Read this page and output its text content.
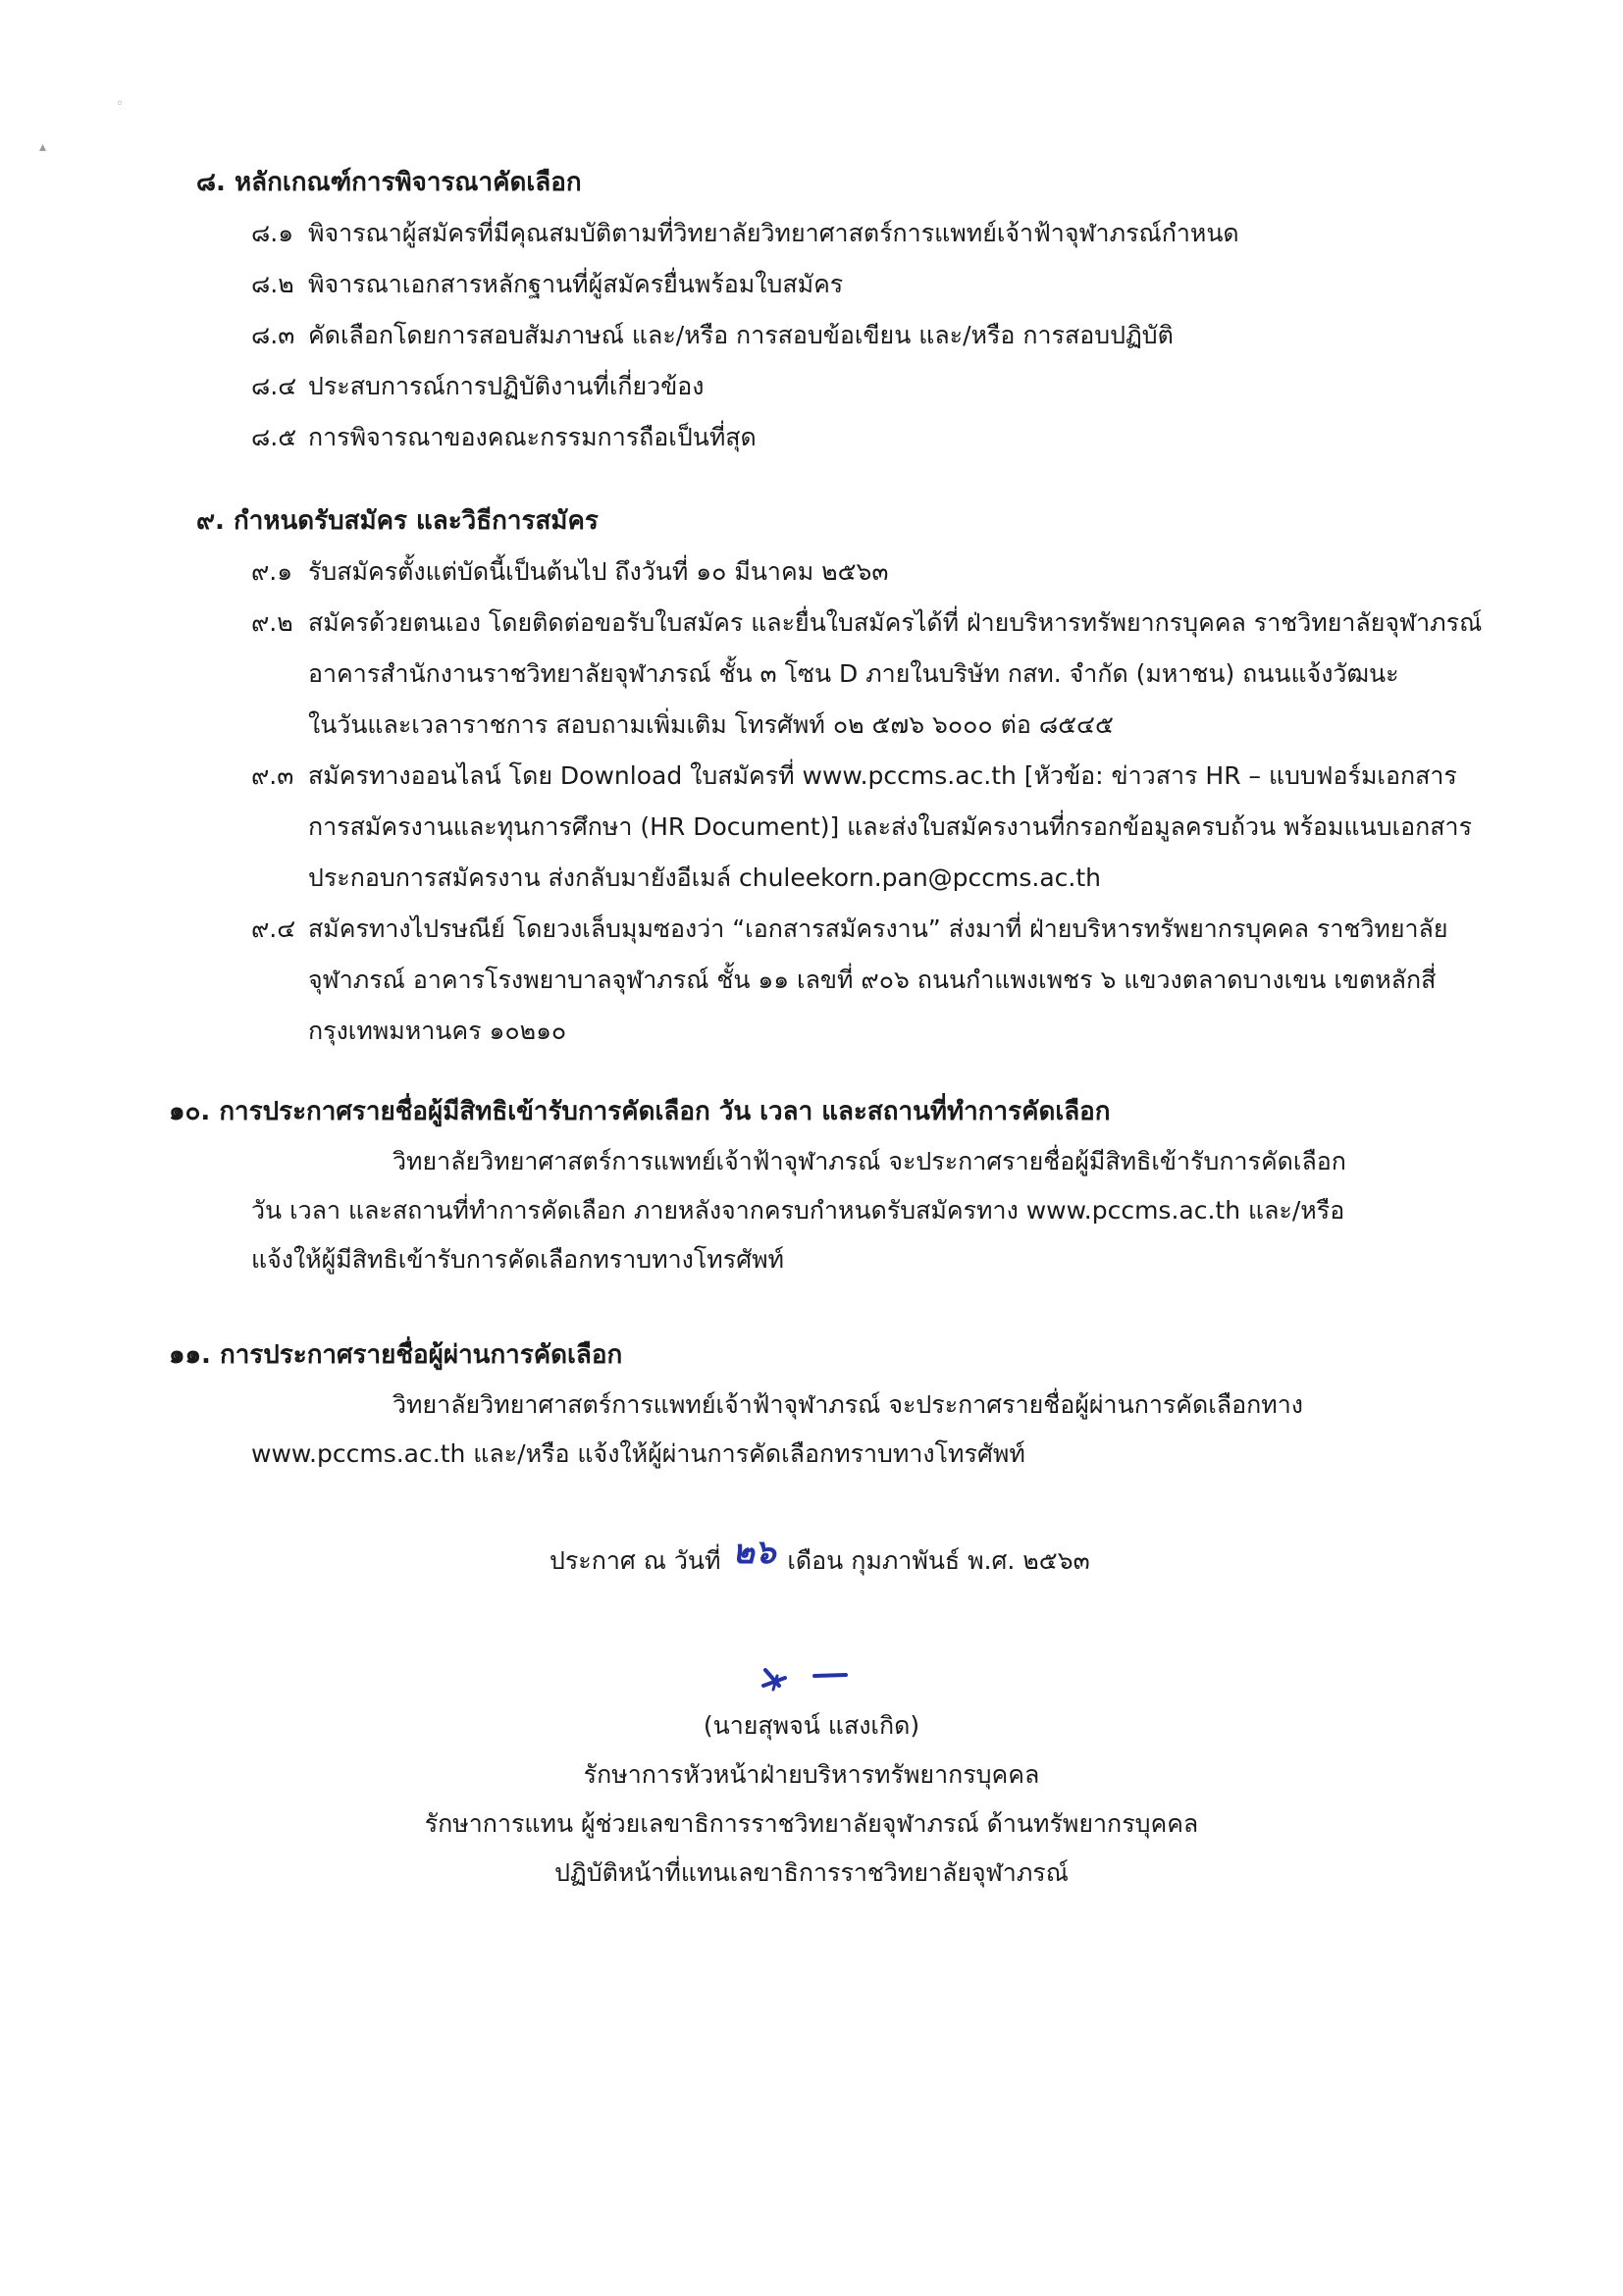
◦
▴
๘. หลักเกณฑ์การพิจารณาคัดเลือก
๘.๑ พิจารณาผู้สมัครที่มีคุณสมบัติตามที่วิทยาลัยวิทยาศาสตร์การแพทย์เจ้าฟ้าจุฬาภรณ์กำหนด
๘.๒ พิจารณาเอกสารหลักฐานที่ผู้สมัครยื่นพร้อมใบสมัคร
๘.๓ คัดเลือกโดยการสอบสัมภาษณ์ และ/หรือ การสอบข้อเขียน และ/หรือ การสอบปฏิบัติ
๘.๔ ประสบการณ์การปฏิบัติงานที่เกี่ยวข้อง
๘.๕ การพิจารณาของคณะกรรมการถือเป็นที่สุด
๙. กำหนดรับสมัคร และวิธีการสมัคร
๙.๑ รับสมัครตั้งแต่บัดนี้เป็นต้นไป ถึงวันที่ ๑๐ มีนาคม ๒๕๖๓
๙.๒ สมัครด้วยตนเอง โดยติดต่อขอรับใบสมัคร และยื่นใบสมัครได้ที่ ฝ่ายบริหารทรัพยากรบุคคล ราชวิทยาลัยจุฬาภรณ์
อาคารสำนักงานราชวิทยาลัยจุฬาภรณ์ ชั้น ๓ โซน D ภายในบริษัท กสท. จำกัด (มหาชน) ถนนแจ้งวัฒนะ
ในวันและเวลาราชการ สอบถามเพิ่มเติม โทรศัพท์ ๐๒ ๕๗๖ ๖๐๐๐ ต่อ ๘๕๔๕
๙.๓ สมัครทางออนไลน์ โดย Download ใบสมัครที่ www.pccms.ac.th [หัวข้อ: ข่าวสาร HR – แบบฟอร์มเอกสาร
การสมัครงานและทุนการศึกษา (HR Document)] และส่งใบสมัครงานที่กรอกข้อมูลครบถ้วน พร้อมแนบเอกสาร
ประกอบการสมัครงาน ส่งกลับมายังอีเมล์ chuleekorn.pan@pccms.ac.th
๙.๔ สมัครทางไปรษณีย์ โดยวงเล็บมุมซองว่า “เอกสารสมัครงาน” ส่งมาที่ ฝ่ายบริหารทรัพยากรบุคคล ราชวิทยาลัย
จุฬาภรณ์ อาคารโรงพยาบาลจุฬาภรณ์ ชั้น ๑๑ เลขที่ ๙๐๖ ถนนกำแพงเพชร ๖ แขวงตลาดบางเขน เขตหลักสี่
กรุงเทพมหานคร ๑๐๒๑๐
๑๐. การประกาศรายชื่อผู้มีสิทธิเข้ารับการคัดเลือก วัน เวลา และสถานที่ทำการคัดเลือก
วิทยาลัยวิทยาศาสตร์การแพทย์เจ้าฟ้าจุฬาภรณ์ จะประกาศรายชื่อผู้มีสิทธิเข้ารับการคัดเลือก
วัน เวลา และสถานที่ทำการคัดเลือก ภายหลังจากครบกำหนดรับสมัครทาง www.pccms.ac.th และ/หรือ
แจ้งให้ผู้มีสิทธิเข้ารับการคัดเลือกทราบทางโทรศัพท์
๑๑. การประกาศรายชื่อผู้ผ่านการคัดเลือก
วิทยาลัยวิทยาศาสตร์การแพทย์เจ้าฟ้าจุฬาภรณ์ จะประกาศรายชื่อผู้ผ่านการคัดเลือกทาง
www.pccms.ac.th และ/หรือ แจ้งให้ผู้ผ่านการคัดเลือกทราบทางโทรศัพท์
ประกาศ ณ วันที่ ๒๖ เดือน กุมภาพันธ์ พ.ศ. ๒๕๖๓
(นายสุพจน์ แสงเกิด)
รักษาการหัวหน้าฝ่ายบริหารทรัพยากรบุคคล
รักษาการแทน ผู้ช่วยเลขาธิการราชวิทยาลัยจุฬาภรณ์ ด้านทรัพยากรบุคคล
ปฏิบัติหน้าที่แทนเลขาธิการราชวิทยาลัยจุฬาภรณ์
